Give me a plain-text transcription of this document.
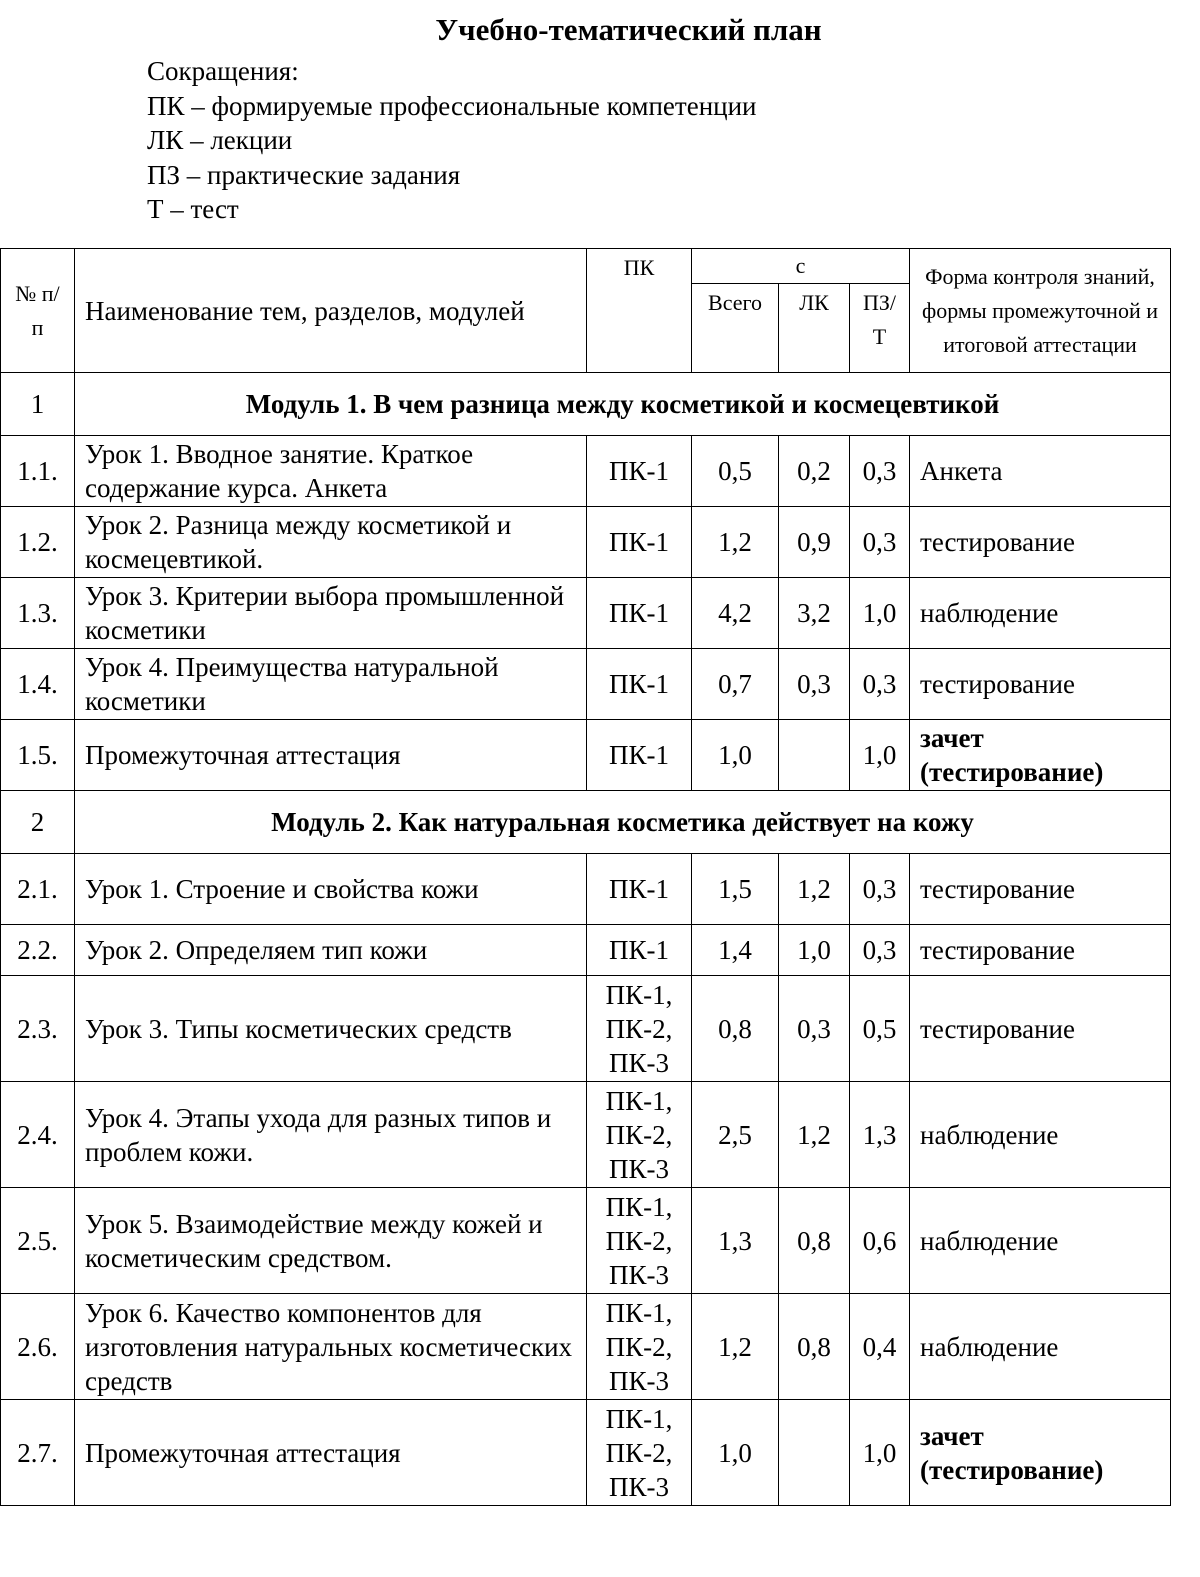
Учебно-тематический план
Сокращения:
ПК – формируемые профессиональные компетенции
ЛК – лекции
ПЗ – практические задания
Т – тест
№ п/п	Наименование тем, разделов, модулей	ПК	с			Форма контроля знаний, формы промежуточной и итоговой аттестации
			Всего	ЛК	ПЗ/ Т	
1	Модуль 1. В чем разница между косметикой и космецевтикой					
1.1.	Урок 1. Вводное занятие. Краткое содержание курса. Анкета	ПК-1	0,5	0,2	0,3	Анкета
1.2.	Урок 2. Разница между косметикой и космецевтикой.	ПК-1	1,2	0,9	0,3	тестирование
1.3.	Урок 3. Критерии выбора промышленной косметики	ПК-1	4,2	3,2	1,0	наблюдение
1.4.	Урок 4. Преимущества натуральной косметики	ПК-1	0,7	0,3	0,3	тестирование
1.5.	Промежуточная аттестация	ПК-1	1,0		1,0	зачет (тестирование)
2	Модуль 2. Как натуральная косметика действует на кожу					
2.1.	Урок 1. Строение и свойства кожи	ПК-1	1,5	1,2	0,3	тестирование
2.2.	Урок 2. Определяем тип кожи	ПК-1	1,4	1,0	0,3	тестирование
2.3.	Урок 3. Типы косметических средств	ПК-1,
ПК-2,
ПК-3	0,8	0,3	0,5	тестирование
2.4.	Урок 4. Этапы ухода для разных типов и проблем кожи.	ПК-1,
ПК-2,
ПК-3	2,5	1,2	1,3	наблюдение
2.5.	Урок 5. Взаимодействие между кожей и косметическим средством.	ПК-1,
ПК-2,
ПК-3	1,3	0,8	0,6	наблюдение
2.6.	Урок 6. Качество компонентов для изготовления натуральных косметических средств	ПК-1,
ПК-2,
ПК-3	1,2	0,8	0,4	наблюдение
2.7.	Промежуточная аттестация	ПК-1,
ПК-2,
ПК-3	1,0		1,0	зачет (тестирование)
